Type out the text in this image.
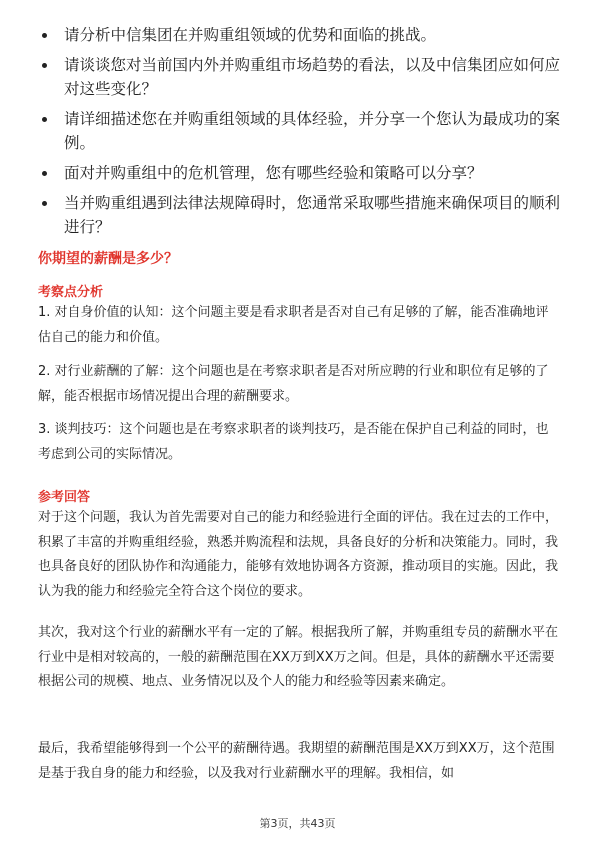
请分析中信集团在并购重组领域的优势和面临的挑战。
请谈谈您对当前国内外并购重组市场趋势的看法，以及中信集团应如何应对这些变化？
请详细描述您在并购重组领域的具体经验，并分享一个您认为最成功的案例。
面对并购重组中的危机管理，您有哪些经验和策略可以分享？
当并购重组遇到法律法规障碍时，您通常采取哪些措施来确保项目的顺利进行？
你期望的薪酬是多少？
考察点分析

1. 对自身价值的认知：这个问题主要是看求职者是否对自己有足够的了解，能否准确地评估自己的能力和价值。

2. 对行业薪酬的了解：这个问题也是在考察求职者是否对所应聘的行业和职位有足够的了解，能否根据市场情况提出合理的薪酬要求。

3. 谈判技巧：这个问题也是在考察求职者的谈判技巧，是否能在保护自己利益的同时，也考虑到公司的实际情况。

参考回答

对于这个问题，我认为首先需要对自己的能力和经验进行全面的评估。我在过去的工作中，积累了丰富的并购重组经验，熟悉并购流程和法规，具备良好的分析和决策能力。同时，我也具备良好的团队协作和沟通能力，能够有效地协调各方资源，推动项目的实施。因此，我认为我的能力和经验完全符合这个岗位的要求。

其次，我对这个行业的薪酬水平有一定的了解。根据我所了解，并购重组专员的薪酬水平在行业中是相对较高的，一般的薪酬范围在XX万到XX万之间。但是，具体的薪酬水平还需要根据公司的规模、地点、业务情况以及个人的能力和经验等因素来确定。

最后，我希望能够得到一个公平的薪酬待遇。我期望的薪酬范围是XX万到XX万，这个范围是基于我自身的能力和经验，以及我对行业薪酬水平的理解。我相信，如

第3页，共43页
